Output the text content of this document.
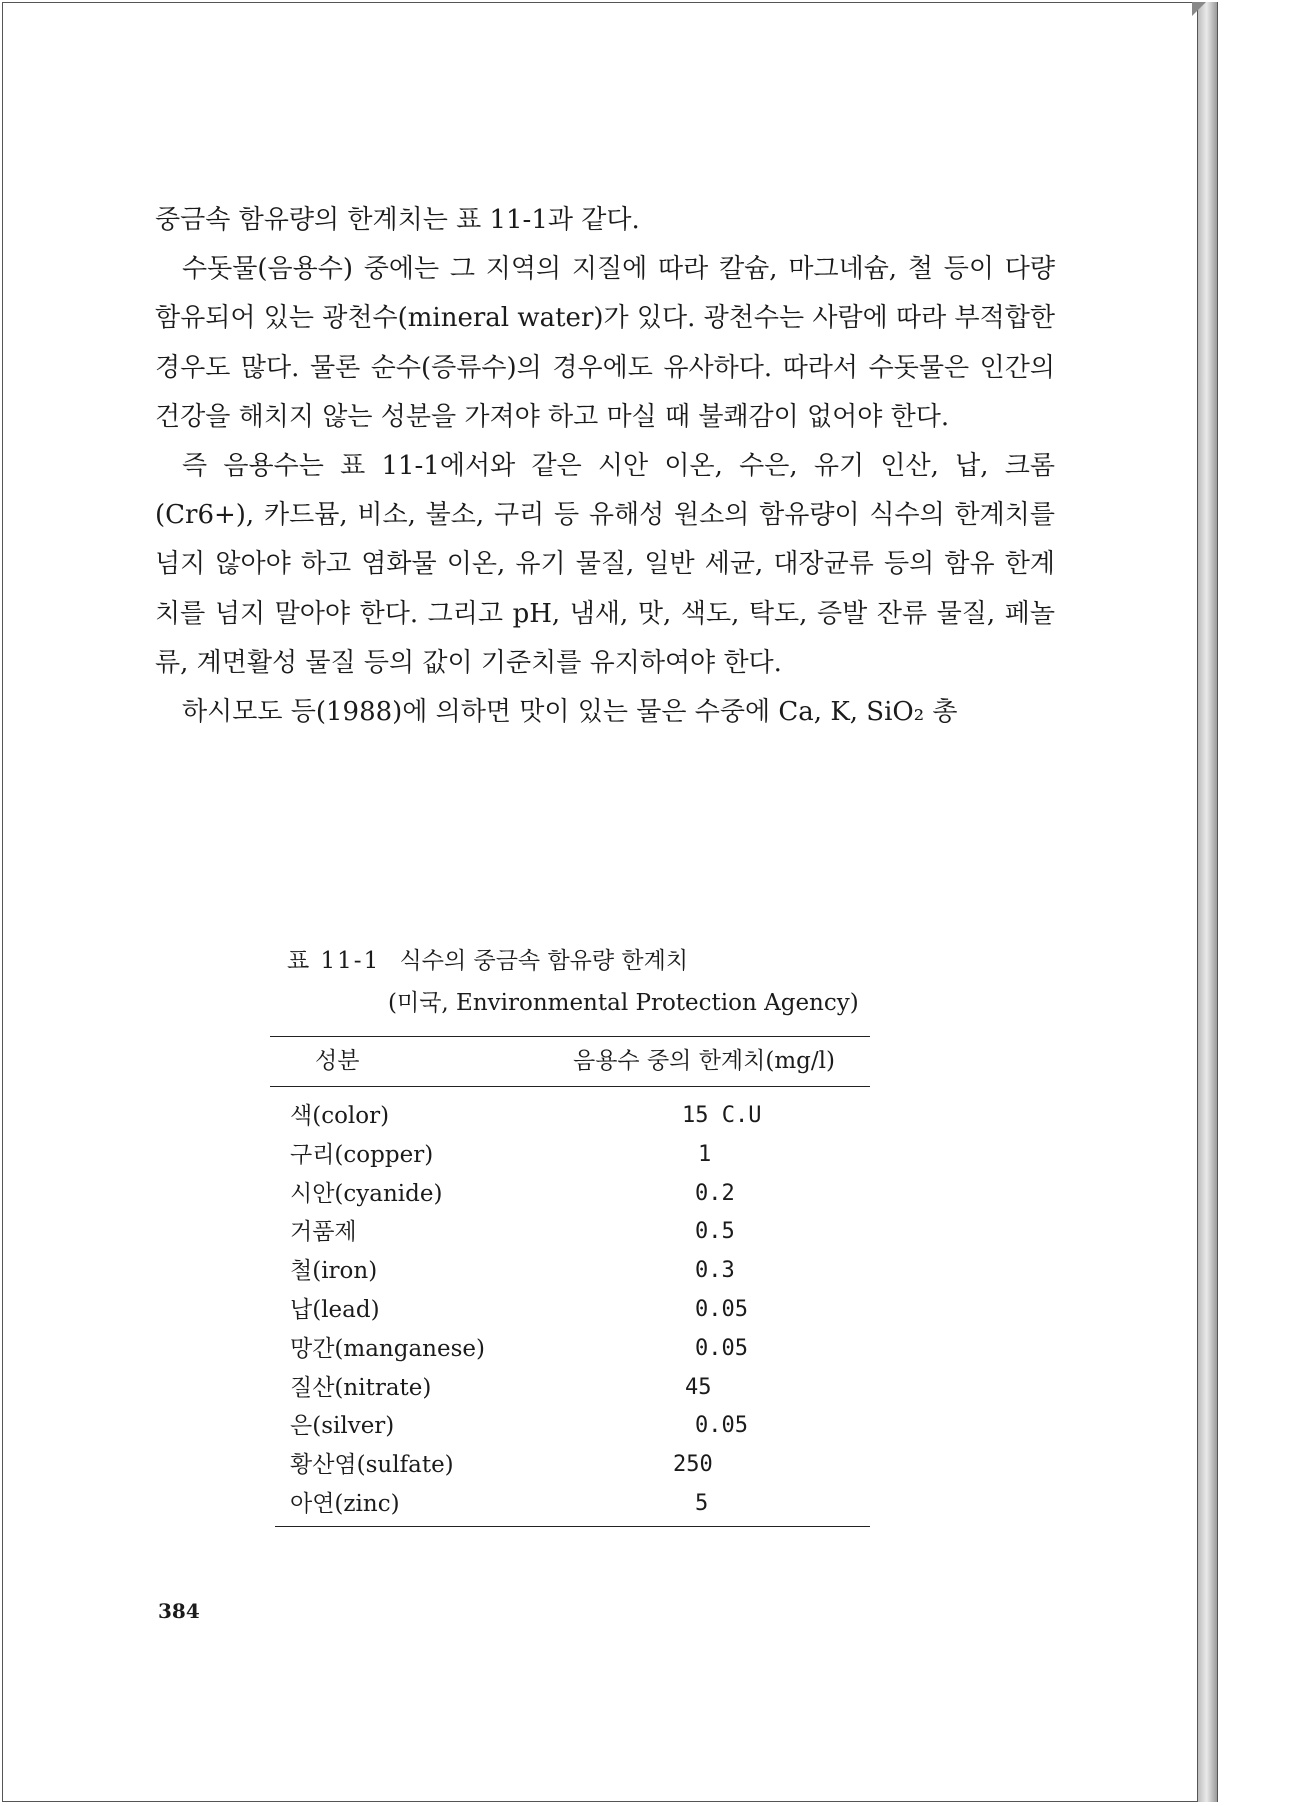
중금속 함유량의 한계치는 표 11-1과 같다.

수돗물(음용수) 중에는 그 지역의 지질에 따라 칼슘, 마그네슘, 철 등이 다량 함유되어 있는 광천수(mineral water)가 있다. 광천수는 사람에 따라 부적합한 경우도 많다. 물론 순수(증류수)의 경우에도 유사하다. 따라서 수돗물은 인간의 건강을 해치지 않는 성분을 가져야 하고 마실 때 불쾌감이 없어야 한다.

즉 음용수는 표 11-1에서와 같은 시안 이온, 수은, 유기 인산, 납, 크롬(Cr6+), 카드뮴, 비소, 불소, 구리 등 유해성 원소의 함유량이 식수의 한계치를 넘지 않아야 하고 염화물 이온, 유기 물질, 일반 세균, 대장균류 등의 함유 한계치를 넘지 말아야 한다. 그리고 pH, 냄새, 맛, 색도, 탁도, 증발 잔류 물질, 페놀류, 계면활성 물질 등의 값이 기준치를 유지하여야 한다.

하시모도 등(1988)에 의하면 맛이 있는 물은 수중에 Ca, K, SiO₂ 총

표 11-1 식수의 중금속 함유량 한계치
(미국, Environmental Protection Agency)
성분	음용수 중의 한계치(mg/l)
색(color)	15 C.U
구리(copper)	1
시안(cyanide)	0.2
거품제	0.5
철(iron)	0.3
납(lead)	0.05
망간(manganese)	0.05
질산(nitrate)	45
은(silver)	0.05
황산염(sulfate)	250
아연(zinc)	5
384
